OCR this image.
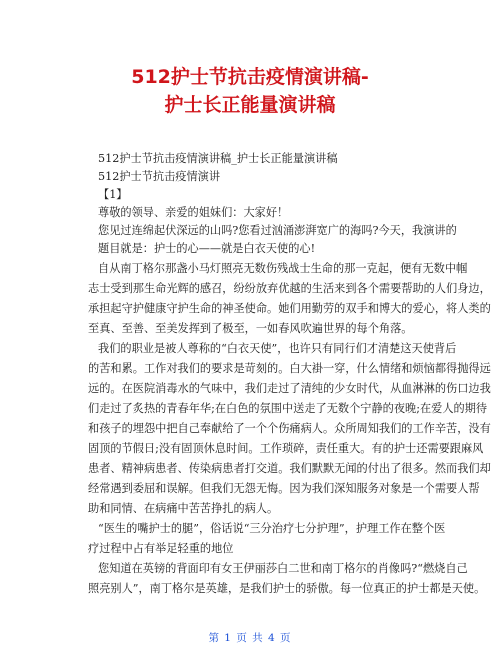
512护士节抗击疫情演讲稿-
护士长正能量演讲稿

512护士节抗击疫情演讲稿_护士长正能量演讲稿

512护士节抗击疫情演讲

【1】

尊敬的领导、亲爱的姐妹们：大家好！

您见过连绵起伏深远的山吗?您看过汹涌澎湃宽广的海吗?今天，我演讲的

题目就是：护士的心——就是白衣天使的心!

自从南丁格尔那盏小马灯照亮无数伤残战士生命的那一克起，便有无数中帼

志士受到那生命光辉的感召，纷纷放弃优越的生活来到各个需要帮助的人们身边，

承担起守护健康守护生命的神圣使命。她们用勤劳的双手和博大的爱心，将人类的

至真、至善、至美发挥到了极至，一如春风吹遍世界的每个角落。

我们的职业是被人尊称的“白衣天使”，也许只有同行们才清楚这天使背后

的苦和累。工作对我们的要求是苛刻的。白大褂一穿，什么情绪和烦恼都得抛得远

远的。在医院消毒水的气味中，我们走过了清纯的少女时代，从血淋淋的伤口边我

们走过了炙热的青春年华;在白色的氛围中送走了无数个宁静的夜晚;在爱人的期待

和孩子的埋怨中把自己奉献给了一个个伤痛病人。众所周知我们的工作辛苦，没有

固顶的节假日;没有固顶休息时间。工作琐碎，责任重大。有的护士还需要跟麻风

患者、精神病患者、传染病患者打交道。我们默默无闻的付出了很多。然而我们却

经常遇到委屈和误解。但我们无怨无悔。因为我们深知服务对象是一个需要人帮

助和同情、在病痛中苦苦挣扎的病人。

“医生的嘴护士的腿”，俗话说“三分治疗七分护理”，护理工作在整个医

疗过程中占有举足轻重的地位

您知道在英镑的背面印有女王伊丽莎白二世和南丁格尔的肖像吗?“燃烧自己

照亮别人”，南丁格尔是英雄，是我们护士的骄傲。每一位真正的护士都是天使。

第 1 页 共 4 页
